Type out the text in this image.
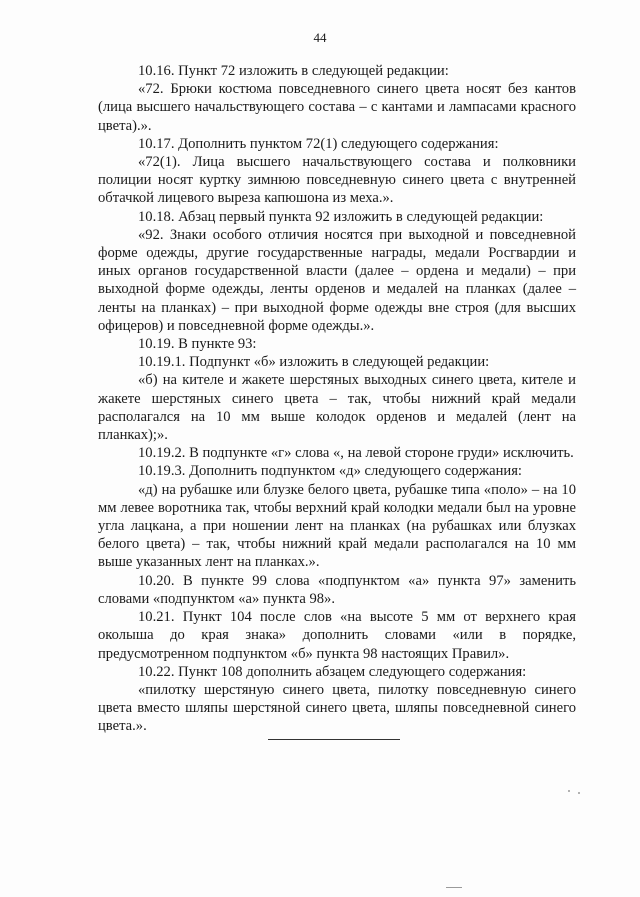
44

10.16. Пункт 72 изложить в следующей редакции:

«72. Брюки костюма повседневного синего цвета носят без кантов (лица высшего начальствующего состава – с кантами и лампасами красного цвета).».

10.17. Дополнить пунктом 72(1) следующего содержания:

«72(1). Лица высшего начальствующего состава и полковники полиции носят куртку зимнюю повседневную синего цвета с внутренней обтачкой лицевого выреза капюшона из меха.».

10.18. Абзац первый пункта 92 изложить в следующей редакции:

«92. Знаки особого отличия носятся при выходной и повседневной форме одежды, другие государственные награды, медали Росгвардии и иных органов государственной власти (далее – ордена и медали) – при выходной форме одежды, ленты орденов и медалей на планках (далее – ленты на планках) – при выходной форме одежды вне строя (для высших офицеров) и повседневной форме одежды.».

10.19. В пункте 93:

10.19.1. Подпункт «б» изложить в следующей редакции:

«б) на кителе и жакете шерстяных выходных синего цвета, кителе и жакете шерстяных синего цвета – так, чтобы нижний край медали располагался на 10 мм выше колодок орденов и медалей (лент на планках);».

10.19.2. В подпункте «г» слова «, на левой стороне груди» исключить.

10.19.3. Дополнить подпунктом «д» следующего содержания:

«д) на рубашке или блузке белого цвета, рубашке типа «поло» – на 10 мм левее воротника так, чтобы верхний край колодки медали был на уровне угла лацкана, а при ношении лент на планках (на рубашках или блузках белого цвета) – так, чтобы нижний край медали располагался на 10 мм выше указанных лент на планках.».

10.20. В пункте 99 слова «подпунктом «а» пункта 97» заменить словами «подпунктом «а» пункта 98».

10.21. Пункт 104 после слов «на высоте 5 мм от верхнего края околыша до края знака» дополнить словами «или в порядке, предусмотренном подпунктом «б» пункта 98 настоящих Правил».

10.22. Пункт 108 дополнить абзацем следующего содержания:

«пилотку шерстяную синего цвета, пилотку повседневную синего цвета вместо шляпы шерстяной синего цвета, шляпы повседневной синего цвета.».
